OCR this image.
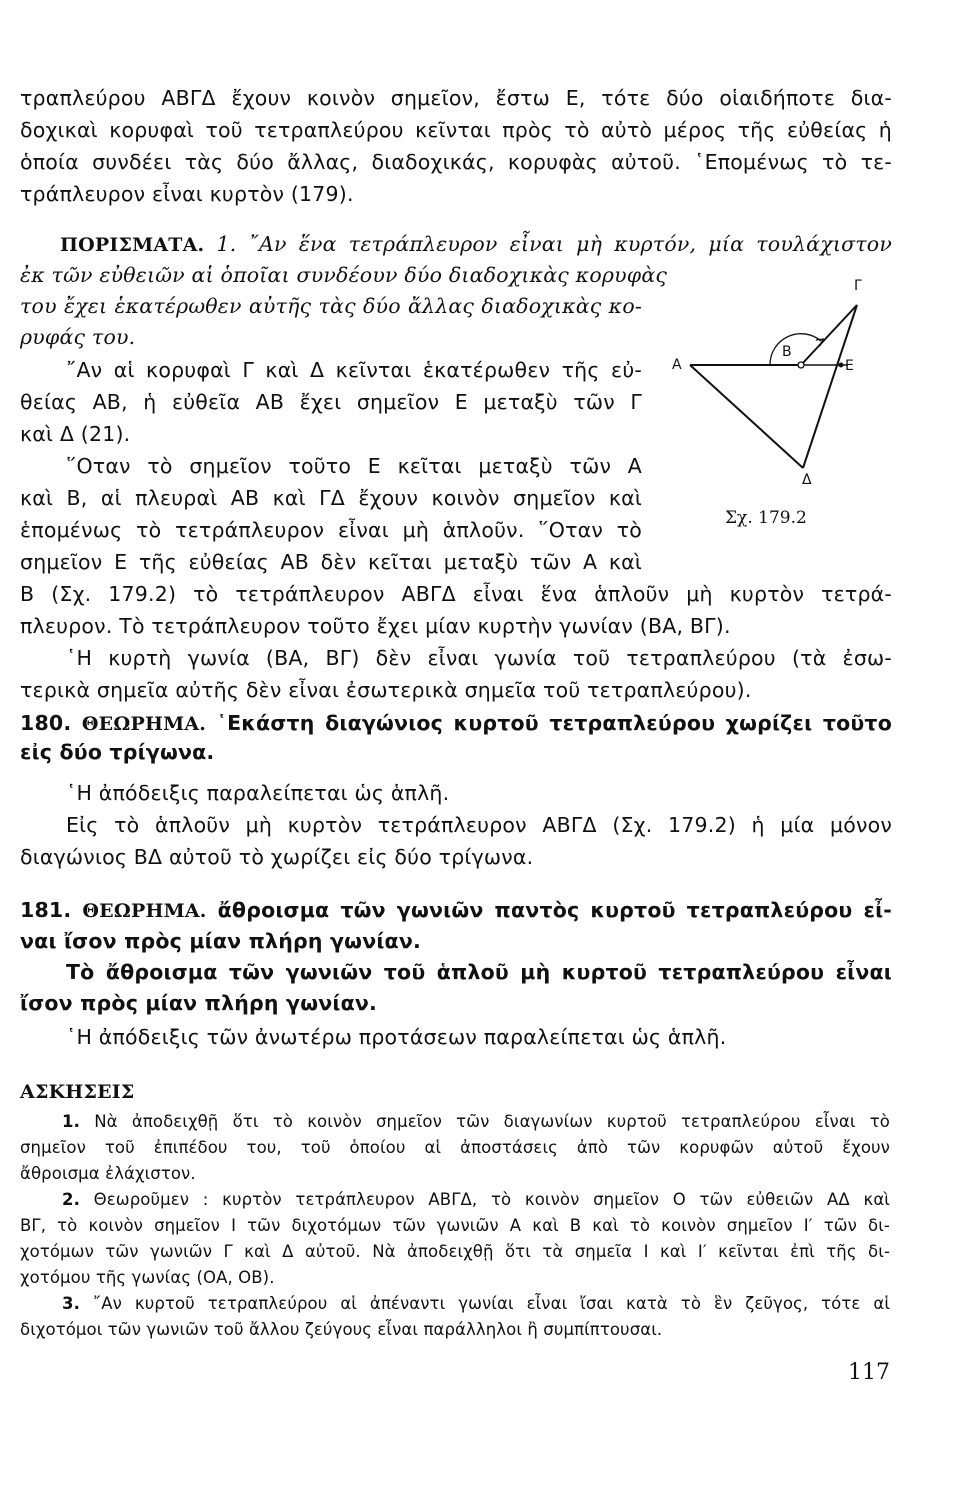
τραπλεύρου ΑΒΓΔ ἔχουν κοινὸν σημεῖον, ἔστω Ε, τότε δύο οἱαιδήποτε δια-
δοχικαὶ κορυφαὶ τοῦ τετραπλεύρου κεῖνται πρὸς τὸ αὐτὸ μέρος τῆς εὐθείας ἡ
ὁποία συνδέει τὰς δύο ἄλλας, διαδοχικάς, κορυφὰς αὐτοῦ. ῾Επομένως τὸ τε-
τράπλευρον εἶναι κυρτὸν (179).
ΠΟΡΙΣΜΑΤΑ. 1. ῎Αν ἕνα τετράπλευρον εἶναι μὴ κυρτόν, μία τουλάχιστον
ἐκ τῶν εὐθειῶν αἱ ὁποῖαι συνδέουν δύο διαδοχικὰς κορυφὰς
του ἔχει ἑκατέρωθεν αὐτῆς τὰς δύο ἄλλας διαδοχικὰς κο-
ρυφάς του.
῎Αν αἱ κορυφαὶ Γ καὶ Δ κεῖνται ἑκατέρωθεν τῆς εὐ-
θείας ΑΒ, ἡ εὐθεῖα ΑΒ ἔχει σημεῖον Ε μεταξὺ τῶν Γ
καὶ Δ (21).
῞Οταν τὸ σημεῖον τοῦτο Ε κεῖται μεταξὺ τῶν Α
καὶ Β, αἱ πλευραὶ ΑΒ καὶ ΓΔ ἔχουν κοινὸν σημεῖον καὶ
ἑπομένως τὸ τετράπλευρον εἶναι μὴ ἁπλοῦν. ῞Οταν τὸ
σημεῖον Ε τῆς εὐθείας ΑΒ δὲν κεῖται μεταξὺ τῶν Α καὶ
Β (Σχ. 179.2) τὸ τετράπλευρον ΑΒΓΔ εἶναι ἕνα ἁπλοῦν μὴ κυρτὸν τετρά-
πλευρον. Τὸ τετράπλευρον τοῦτο ἔχει μίαν κυρτὴν γωνίαν (ΒΑ, ΒΓ).
῾Η κυρτὴ γωνία (ΒΑ, ΒΓ) δὲν εἶναι γωνία τοῦ τετραπλεύρου (τὰ ἐσω-
τερικὰ σημεῖα αὐτῆς δὲν εἶναι ἐσωτερικὰ σημεῖα τοῦ τετραπλεύρου).
Α
Β
Γ
Ε
Δ
Σχ. 179.2
180. ΘΕΩΡΗΜΑ. ῾Εκάστη διαγώνιος κυρτοῦ τετραπλεύρου χωρίζει τοῦτο
εἰς δύο τρίγωνα.
῾Η ἀπόδειξις παραλείπεται ὡς ἁπλῆ.
Εἰς τὸ ἁπλοῦν μὴ κυρτὸν τετράπλευρον ΑΒΓΔ (Σχ. 179.2) ἡ μία μόνον
διαγώνιος ΒΔ αὐτοῦ τὸ χωρίζει εἰς δύο τρίγωνα.
181. ΘΕΩΡΗΜΑ. ἄθροισμα τῶν γωνιῶν παντὸς κυρτοῦ τετραπλεύρου εἶ-
ναι ἴσον πρὸς μίαν πλήρη γωνίαν.
Τὸ ἄθροισμα τῶν γωνιῶν τοῦ ἁπλοῦ μὴ κυρτοῦ τετραπλεύρου εἶναι
ἴσον πρὸς μίαν πλήρη γωνίαν.
῾Η ἀπόδειξις τῶν ἀνωτέρω προτάσεων παραλείπεται ὡς ἁπλῆ.
ΑΣΚΗΣΕΙΣ
1. Νὰ ἀποδειχθῇ ὅτι τὸ κοινὸν σημεῖον τῶν διαγωνίων κυρτοῦ τετραπλεύρου εἶναι τὸ
σημεῖον τοῦ ἐπιπέδου του, τοῦ ὁποίου αἱ ἀποστάσεις ἀπὸ τῶν κορυφῶν αὐτοῦ ἔχουν
ἄθροισμα ἐλάχιστον.
2. Θεωροῦμεν : κυρτὸν τετράπλευρον ΑΒΓΔ, τὸ κοινὸν σημεῖον Ο τῶν εὐθειῶν ΑΔ καὶ
ΒΓ, τὸ κοινὸν σημεῖον Ι τῶν διχοτόμων τῶν γωνιῶν Α καὶ Β καὶ τὸ κοινὸν σημεῖον Ι′ τῶν δι-
χοτόμων τῶν γωνιῶν Γ καὶ Δ αὐτοῦ. Νὰ ἀποδειχθῇ ὅτι τὰ σημεῖα Ι καὶ Ι′ κεῖνται ἐπὶ τῆς δι-
χοτόμου τῆς γωνίας (ΟΑ, ΟΒ).
3. ῎Αν κυρτοῦ τετραπλεύρου αἱ ἀπέναντι γωνίαι εἶναι ἴσαι κατὰ τὸ ἓν ζεῦγος, τότε αἱ
διχοτόμοι τῶν γωνιῶν τοῦ ἄλλου ζεύγους εἶναι παράλληλοι ἢ συμπίπτουσαι.
117
